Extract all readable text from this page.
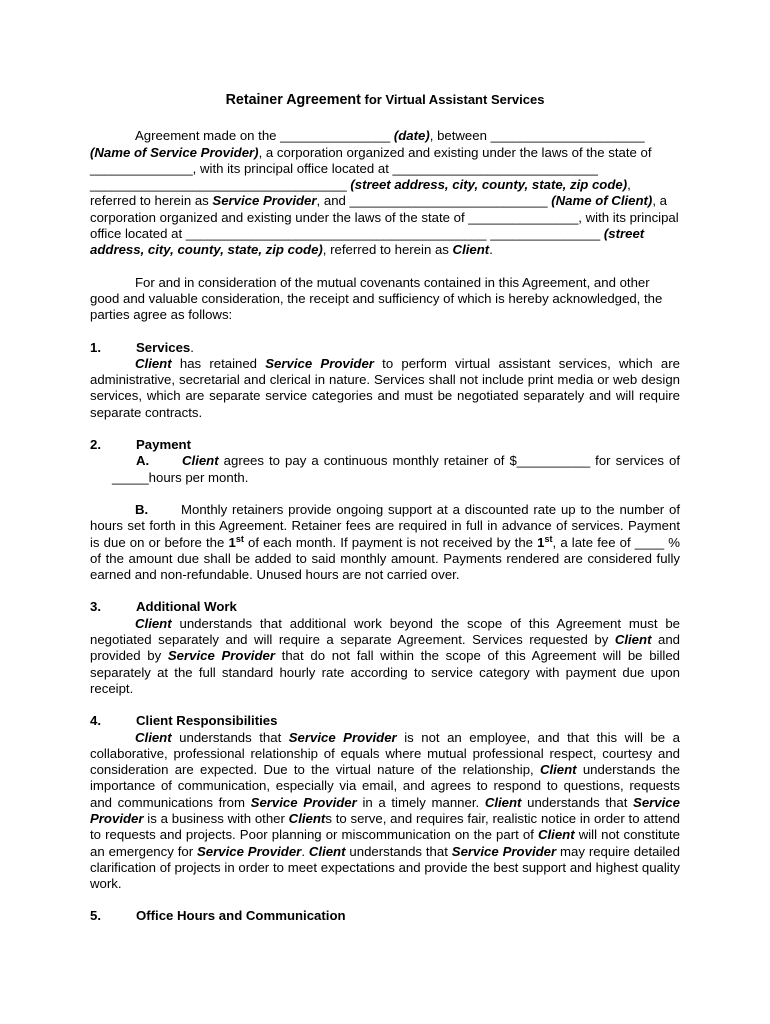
Retainer Agreement for Virtual Assistant Services

Agreement made on the _______________ (date), between _____________________ (Name of Service Provider), a corporation organized and existing under the laws of the state of ______________, with its principal office located at ____________________________ ___________________________________ (street address, city, county, state, zip code), referred to herein as Service Provider, and ___________________________ (Name of Client), a corporation organized and existing under the laws of the state of _______________, with its principal office located at _________________________________________ _______________ (street address, city, county, state, zip code), referred to herein as Client.

For and in consideration of the mutual covenants contained in this Agreement, and other good and valuable consideration, the receipt and sufficiency of which is hereby acknowledged, the parties agree as follows:

1.	Services.

Client has retained Service Provider to perform virtual assistant services, which are administrative, secretarial and clerical in nature. Services shall not include print media or web design services, which are separate service categories and must be negotiated separately and will require separate contracts.

2.	Payment

A. Client agrees to pay a continuous monthly retainer of $__________ for services of _____hours per month.

B. Monthly retainers provide ongoing support at a discounted rate up to the number of hours set forth in this Agreement. Retainer fees are required in full in advance of services. Payment is due on or before the 1st of each month. If payment is not received by the 1st, a late fee of ____ % of the amount due shall be added to said monthly amount. Payments rendered are considered fully earned and non-refundable. Unused hours are not carried over.

3.	Additional Work

Client understands that additional work beyond the scope of this Agreement must be negotiated separately and will require a separate Agreement. Services requested by Client and provided by Service Provider that do not fall within the scope of this Agreement will be billed separately at the full standard hourly rate according to service category with payment due upon receipt.

4.	Client Responsibilities

Client understands that Service Provider is not an employee, and that this will be a collaborative, professional relationship of equals where mutual professional respect, courtesy and consideration are expected. Due to the virtual nature of the relationship, Client understands the importance of communication, especially via email, and agrees to respond to questions, requests and communications from Service Provider in a timely manner. Client understands that Service Provider is a business with other Clients to serve, and requires fair, realistic notice in order to attend to requests and projects. Poor planning or miscommunication on the part of Client will not constitute an emergency for Service Provider. Client understands that Service Provider may require detailed clarification of projects in order to meet expectations and provide the best support and highest quality work.

5.	Office Hours and Communication
